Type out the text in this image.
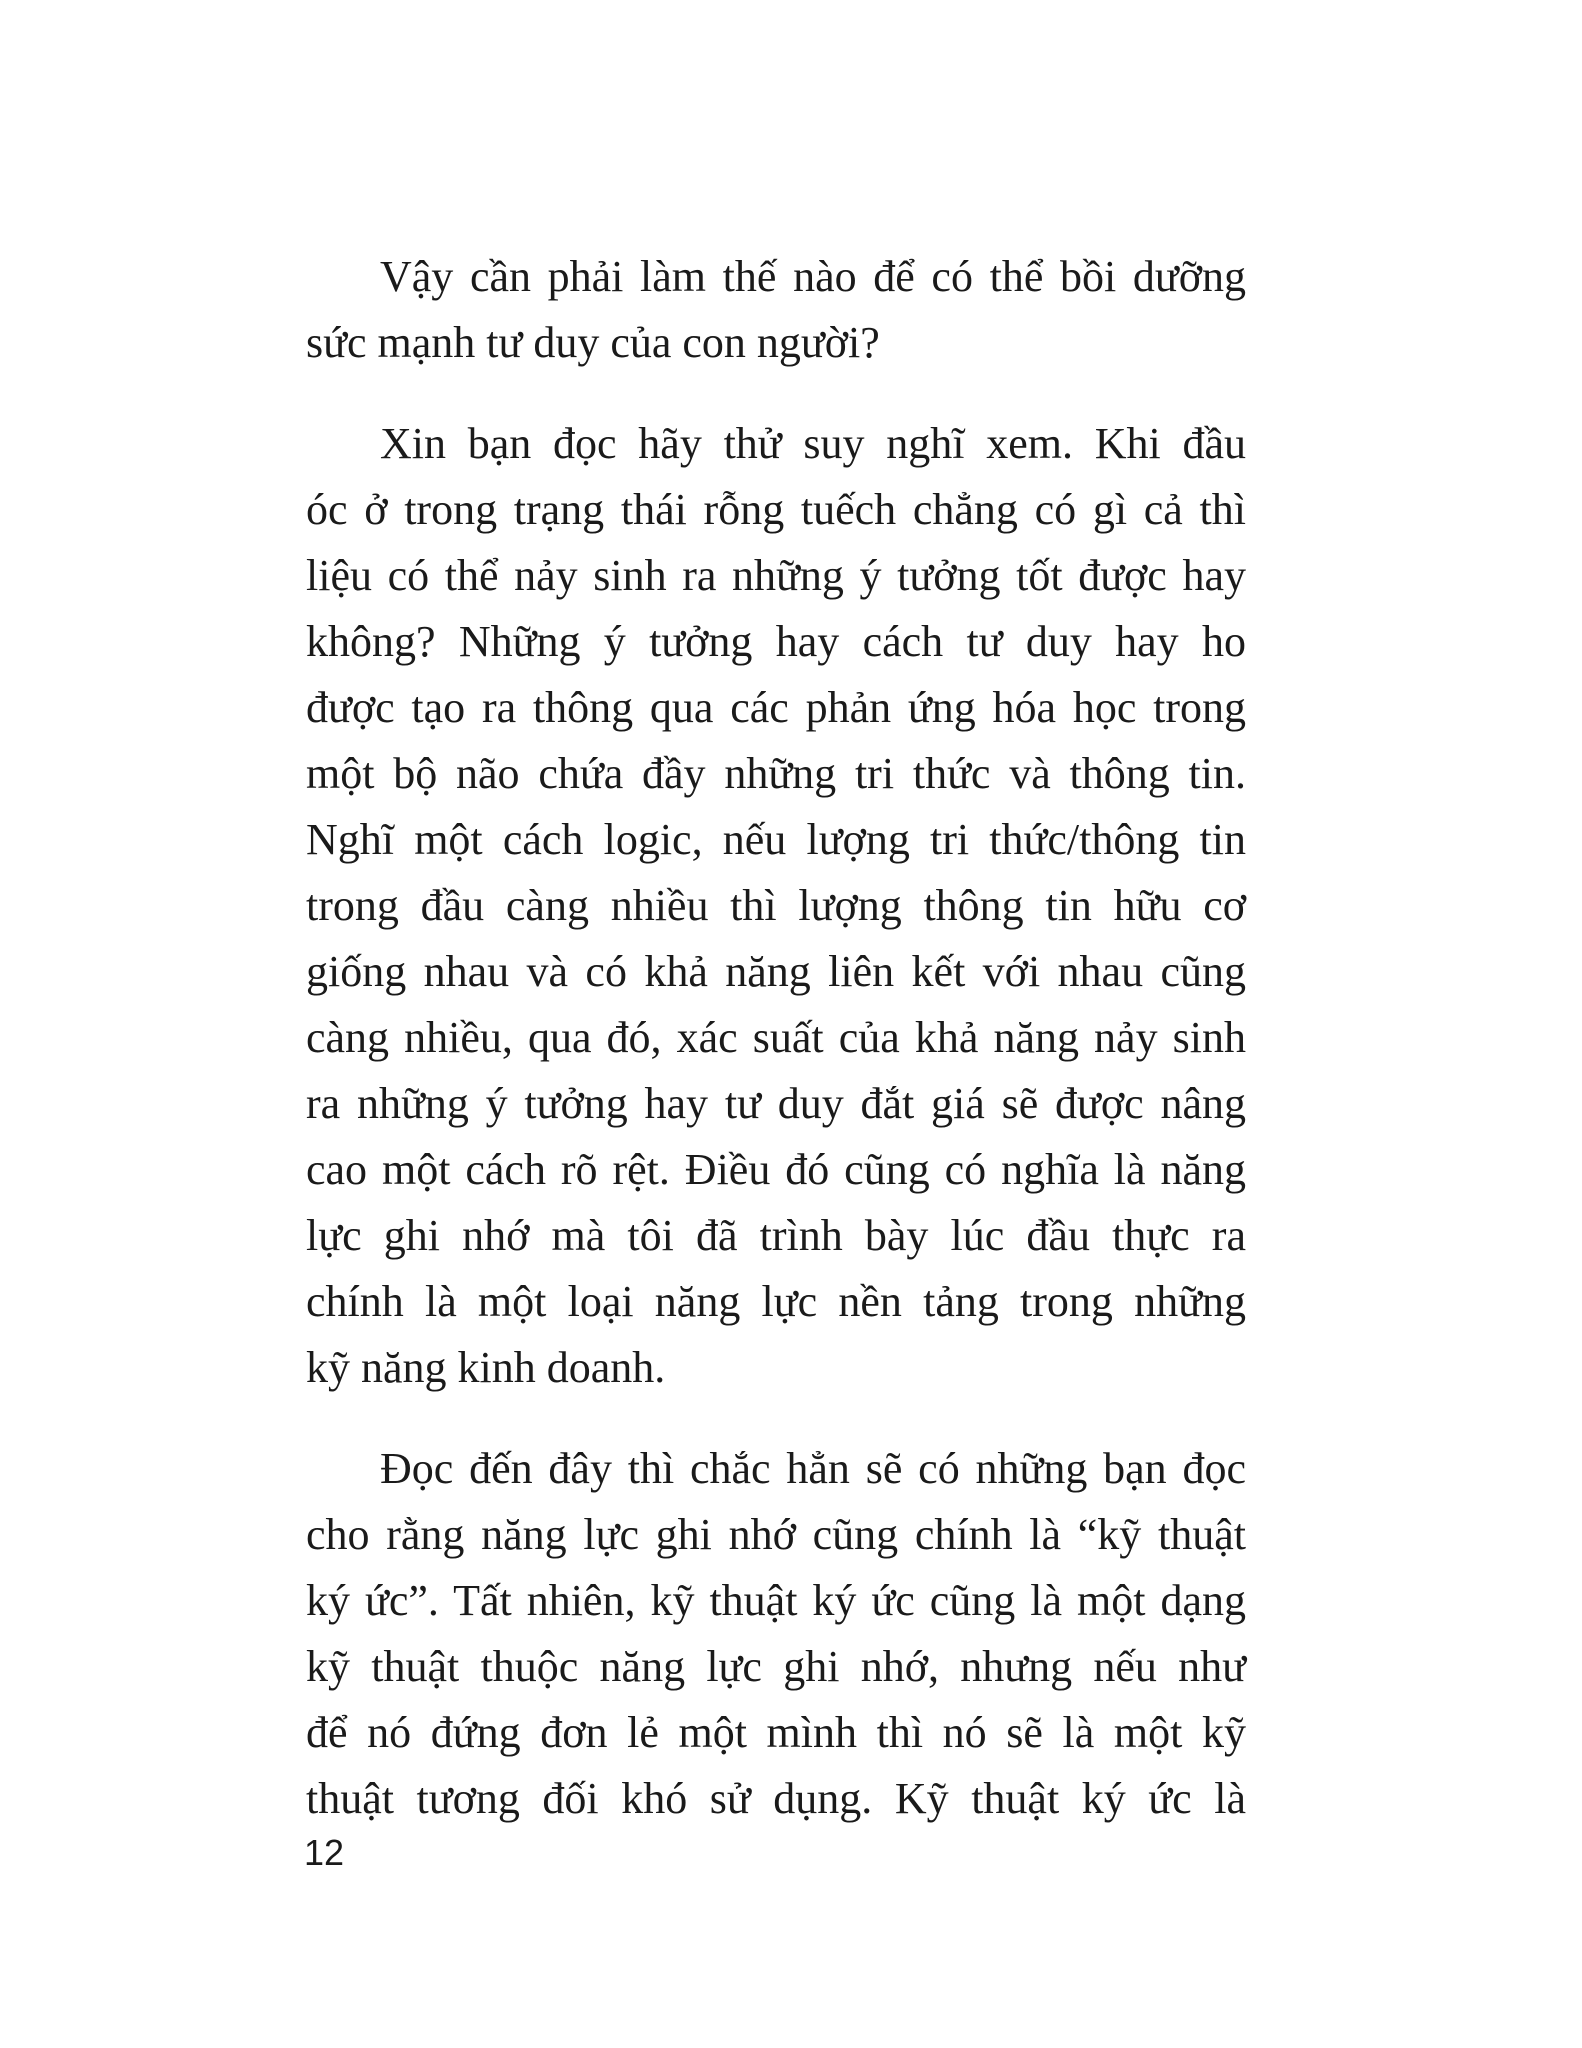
Vậy cần phải làm thế nào để có thể bồi dưỡng
sức mạnh tư duy của con người?

Xin bạn đọc hãy thử suy nghĩ xem. Khi đầu
óc ở trong trạng thái rỗng tuếch chẳng có gì cả thì
liệu có thể nảy sinh ra những ý tưởng tốt được hay
không? Những ý tưởng hay cách tư duy hay ho
được tạo ra thông qua các phản ứng hóa học trong
một bộ não chứa đầy những tri thức và thông tin.
Nghĩ một cách logic, nếu lượng tri thức/thông tin
trong đầu càng nhiều thì lượng thông tin hữu cơ
giống nhau và có khả năng liên kết với nhau cũng
càng nhiều, qua đó, xác suất của khả năng nảy sinh
ra những ý tưởng hay tư duy đắt giá sẽ được nâng
cao một cách rõ rệt. Điều đó cũng có nghĩa là năng
lực ghi nhớ mà tôi đã trình bày lúc đầu thực ra
chính là một loại năng lực nền tảng trong những
kỹ năng kinh doanh.

Đọc đến đây thì chắc hẳn sẽ có những bạn đọc
cho rằng năng lực ghi nhớ cũng chính là “kỹ thuật
ký ức”. Tất nhiên, kỹ thuật ký ức cũng là một dạng
kỹ thuật thuộc năng lực ghi nhớ, nhưng nếu như
để nó đứng đơn lẻ một mình thì nó sẽ là một kỹ
thuật tương đối khó sử dụng. Kỹ thuật ký ức là

12
